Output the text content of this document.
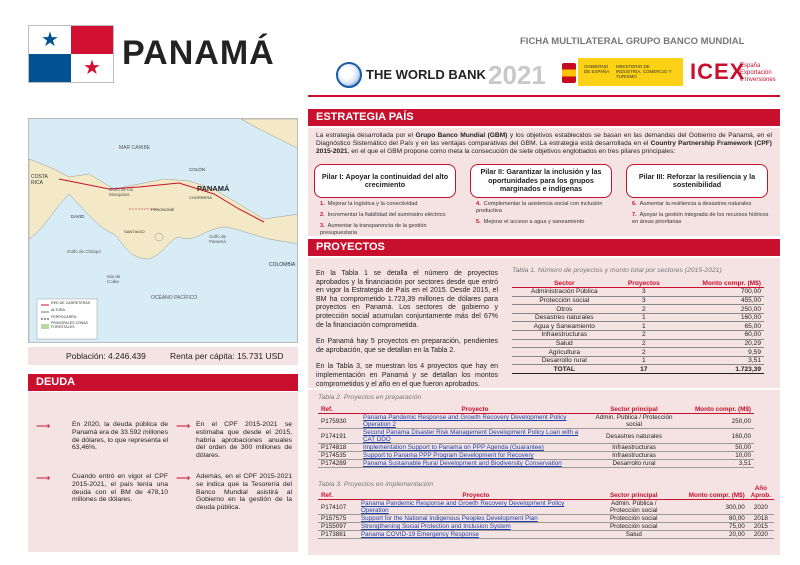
★
★ PANAMÁ	FICHA MULTILATERAL GRUPO BANCO MUNDIAL
THE WORLD BANK 2021	GOBIERNO DE ESPAÑA
MINISTERIO DE INDUSTRIA, COMERCIO Y TURISMO	ICEX
España
Exportación
e Inversiones
MAR CARIBE
COSTA RICA
PANAMÁ
COLOMBIA
OCÉANO PACÍFICO
Golfo de los Mosquitos
Golfo de Chiriquí
Golfo de Panamá
Isla de Coiba
COLÓN
CHORRERA
PENONOMÉ
SANTIAGO
DAVID
RED DE CARRETERAS
ALTURA
FERROCARRIL
PRINCIPALES ZONAS
FORESTALES
Población: 4.246.439	Renta per cápita: 15.731 USD
DEUDA
⟶	En 2020, la deuda pública de Panamá era de 33.592 millones de dólares, lo que representa el 63,46%.
⟶ En el CPF 2015-2021 se estimaba que desde el 2015, habría aprobaciones anuales del orden de 300 millones de dólares.
⟶	Cuando entró en vigor el CPF 2015-2021, el país tenía una deuda con el BM de 478,10 millones de dólares.
⟶ Además, en el CPF 2015-2021 se indica que la Tesorería del Banco Mundial asistirá al Gobierno en la gestión de la deuda pública.
ESTRATEGIA PAÍS
La estrategia desarrollada por el Grupo Banco Mundial (GBM) y los objetivos establecidos se basan en las demandas del Gobierno de Panamá, en el Diagnóstico Sistemático del País y en las ventajas comparativas del GBM. La estrategia está desarrollada en el Country Partnership Framework (CPF) 2015-2021, en el que el GBM propone como meta la consecución de siete objetivos englobados en tres pilares principales:
Pilar I: Apoyar la continuidad del alto crecimiento
Pilar II: Garantizar la inclusión y las oportunidades para los grupos marginados e indígenas
Pilar III: Reforzar la resiliencia y la sostenibilidad
1. Mejorar la logística y la conectividad
2. Incrementar la fiabilidad del suministro eléctrico
3. Aumentar la transparencia de la gestión presupuestaria
4. Complementar la asistencia social con inclusión productiva
5. Mejorar el acceso a agua y saneamiento
6. Aumentar la resiliencia a desastres naturales
7. Apoyar la gestión integrada de los recursos hídricos en áreas prioritarias
PROYECTOS

En la Tabla 1 se detalla el número de proyectos aprobados y la financiación por sectores desde que entró en vigor la Estrategia de País en el 2015. Desde 2015, el BM ha comprometido 1.723,39 millones de dólares para proyectos en Panamá. Los sectores de gobierno y protección social acumulan conjuntamente más del 67% de la financiación comprometida.

En Panamá hay 5 proyectos en preparación, pendientes de aprobación, que se detallan en la Tabla 2.

En la Tabla 3, se muestran los 4 proyectos que hay en implementación en Panamá y se detallan los montos comprometidos y el año en el que fueron aprobados.

Tabla 1. Número de proyectos y monto total por sectores (2015-2021)
Sector	Proyectos	Monto compr. (M$)
Administración Pública	3	700,00
Protección social	3	455,00
Otros	2	250,00
Desastres naturales	1	160,00
Agua y Saneamiento	1	65,00
Infraestructuras	2	60,00
Salud	2	20,29
Agricultura	2	9,59
Desarrollo rural	1	3,51
TOTAL	17	1.723,39
Tabla 2. Proyectos en preparación
Ref.	Proyecto	Sector principal	Monto compr. (M$)
P175930	Panama Pandemic Response and Growth Recovery Development Policy Operation 2	Admin. Pública / Protección social	250,00
P174191	Second Panama Disaster Risk Management Development Policy Loan with a CAT DDO	Desastres naturales	160,00
P174818	Implementation Support to Panama on PPP Agenda (Guarantee)	Infraestructuras	50,00
P174535	Support to Panama PPP Program Development for Recovery	Infraestructuras	10,00
P174289	Panama Sustainable Rural Development and Biodiversity Conservation	Desarrollo rural	3,51
Tabla 3. Proyectos en implementación
Ref.	Proyecto	Sector principal	Monto compr. (M$)	Año Aprob.
P174107	Panama Pandemic Response and Growth Recovery Development Policy Operation	Admin. Pública / Protección social	300,00	2020
P157575	Support for the National Indigenous Peoples Development Plan	Protección social	80,00	2018
P155097	Strengthening Social Protection and Inclusion System	Protección social	75,00	2015
P173881	Panama COVID-19 Emergency Response	Salud	20,00	2020
